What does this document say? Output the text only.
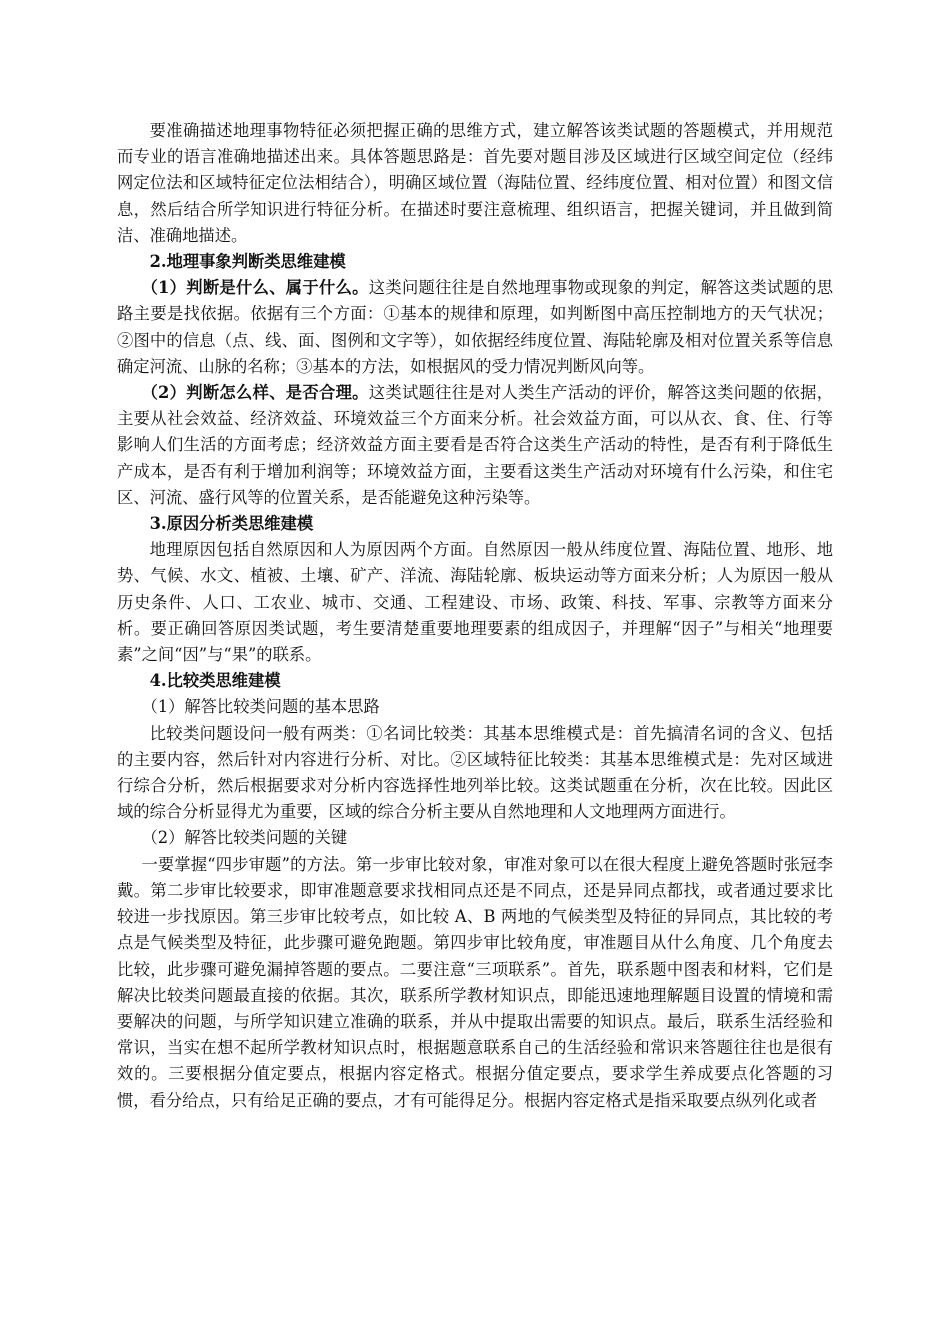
要准确描述地理事物特征必须把握正确的思维方式，建立解答该类试题的答题模式，并用规范而专业的语言准确地描述出来。具体答题思路是：首先要对题目涉及区域进行区域空间定位（经纬网定位法和区域特征定位法相结合），明确区域位置（海陆位置、经纬度位置、相对位置）和图文信息，然后结合所学知识进行特征分析。在描述时要注意梳理、组织语言，把握关键词，并且做到简洁、准确地描述。

2.地理事象判断类思维建模

（1）判断是什么、属于什么。这类问题往往是自然地理事物或现象的判定，解答这类试题的思路主要是找依据。依据有三个方面：①基本的规律和原理，如判断图中高压控制地方的天气状况；②图中的信息（点、线、面、图例和文字等），如依据经纬度位置、海陆轮廓及相对位置关系等信息确定河流、山脉的名称；③基本的方法，如根据风的受力情况判断风向等。

（2）判断怎么样、是否合理。这类试题往往是对人类生产活动的评价，解答这类问题的依据，主要从社会效益、经济效益、环境效益三个方面来分析。社会效益方面，可以从衣、食、住、行等影响人们生活的方面考虑；经济效益方面主要看是否符合这类生产活动的特性，是否有利于降低生产成本，是否有利于增加利润等；环境效益方面，主要看这类生产活动对环境有什么污染，和住宅区、河流、盛行风等的位置关系，是否能避免这种污染等。

3.原因分析类思维建模

地理原因包括自然原因和人为原因两个方面。自然原因一般从纬度位置、海陆位置、地形、地势、气候、水文、植被、土壤、矿产、洋流、海陆轮廓、板块运动等方面来分析；人为原因一般从历史条件、人口、工农业、城市、交通、工程建设、市场、政策、科技、军事、宗教等方面来分析。要正确回答原因类试题，考生要清楚重要地理要素的组成因子，并理解“因子”与相关“地理要素”之间“因”与“果”的联系。

4.比较类思维建模

（1）解答比较类问题的基本思路

比较类问题设问一般有两类：①名词比较类：其基本思维模式是：首先搞清名词的含义、包括的主要内容，然后针对内容进行分析、对比。②区域特征比较类：其基本思维模式是：先对区域进行综合分析，然后根据要求对分析内容选择性地列举比较。这类试题重在分析，次在比较。因此区域的综合分析显得尤为重要，区域的综合分析主要从自然地理和人文地理两方面进行。

（2）解答比较类问题的关键

一要掌握“四步审题”的方法。第一步审比较对象，审准对象可以在很大程度上避免答题时张冠李戴。第二步审比较要求，即审准题意要求找相同点还是不同点，还是异同点都找，或者通过要求比较进一步找原因。第三步审比较考点，如比较 A、B 两地的气候类型及特征的异同点，其比较的考点是气候类型及特征，此步骤可避免跑题。第四步审比较角度，审准题目从什么角度、几个角度去比较，此步骤可避免漏掉答题的要点。二要注意“三项联系”。首先，联系题中图表和材料，它们是解决比较类问题最直接的依据。其次，联系所学教材知识点，即能迅速地理解题目设置的情境和需要解决的问题，与所学知识建立准确的联系，并从中提取出需要的知识点。最后，联系生活经验和常识，当实在想不起所学教材知识点时，根据题意联系自己的生活经验和常识来答题往往也是很有效的。三要根据分值定要点，根据内容定格式。根据分值定要点，要求学生养成要点化答题的习惯，看分给点，只有给足正确的要点，才有可能得足分。根据内容定格式是指采取要点纵列化或者
